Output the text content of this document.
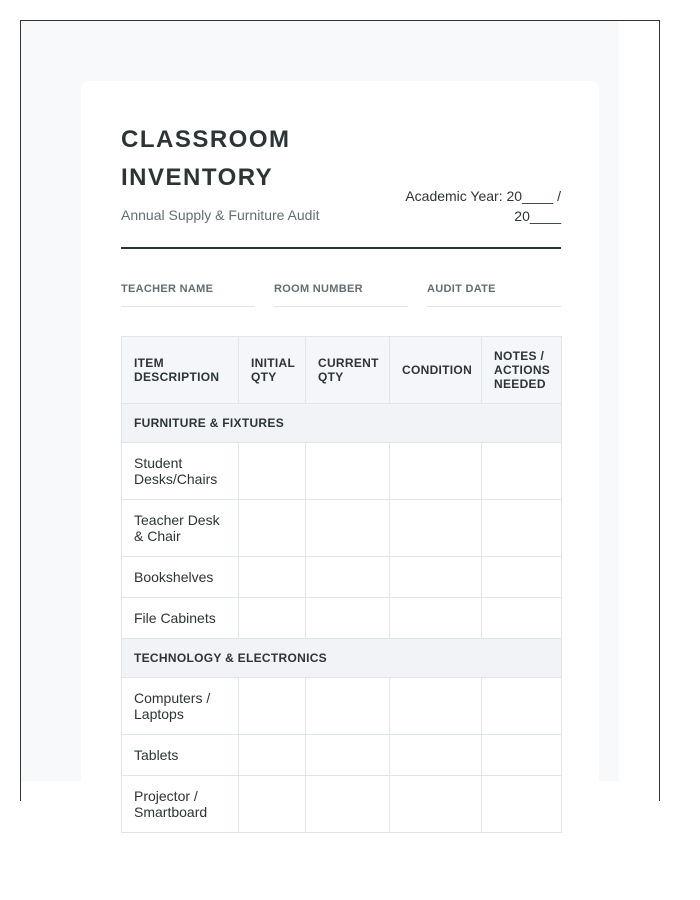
CLASSROOM INVENTORY
Annual Supply & Furniture Audit
Academic Year: 20____ / 20____
TEACHER NAME	ROOM NUMBER	AUDIT DATE
ITEM DESCRIPTION	INITIAL QTY	CURRENT QTY	CONDITION	NOTES / ACTIONS NEEDED
FURNITURE & FIXTURES				
Student Desks/Chairs				
Teacher Desk & Chair				
Bookshelves				
File Cabinets				
TECHNOLOGY & ELECTRONICS				
Computers / Laptops				
Tablets				
Projector / Smartboard				
